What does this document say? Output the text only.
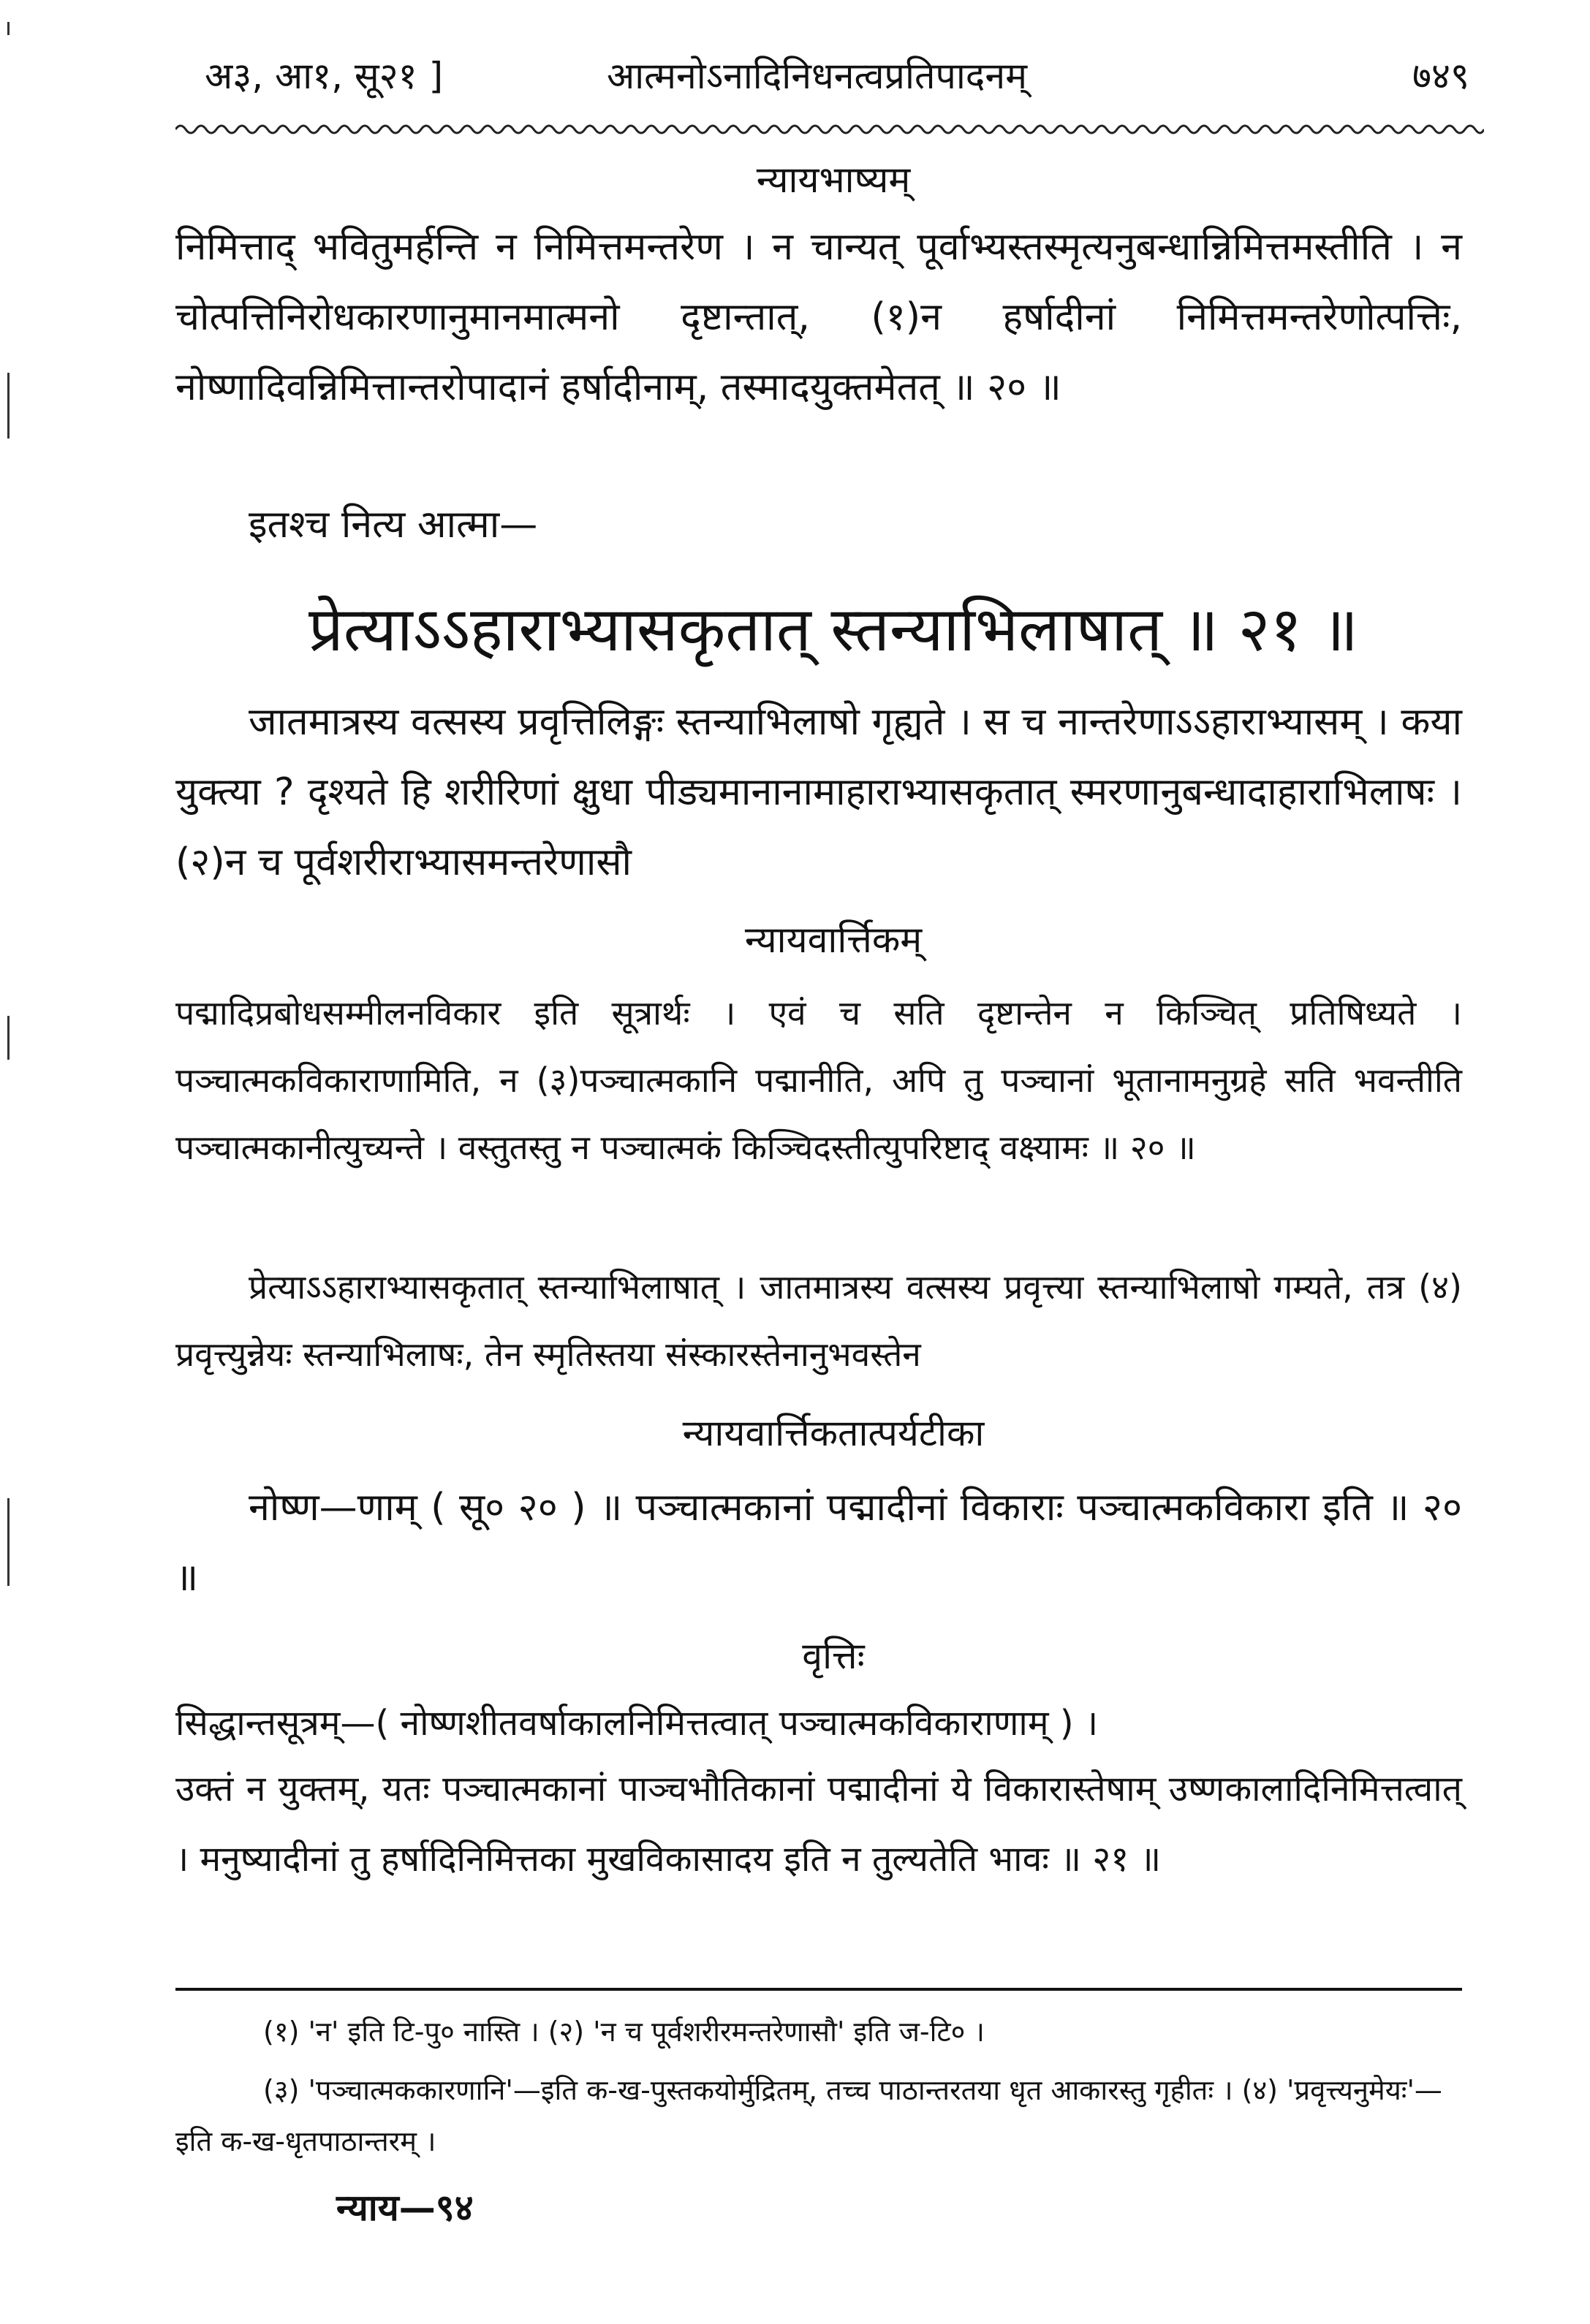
अ३, आ१, सू२१ ]	आत्मनोऽनादिनिधनत्वप्रतिपादनम्	७४९
न्यायभाष्यम्
निमित्ताद् भवितुमर्हन्ति न निमित्तमन्तरेण । न चान्यत् पूर्वाभ्यस्तस्मृत्यनुबन्धान्निमित्तमस्तीति । न चोत्पत्तिनिरोधकारणानुमानमात्मनो दृष्टान्तात्, (१)न हर्षादीनां निमित्तमन्तरेणोत्पत्तिः, नोष्णादिवन्निमित्तान्तरोपादानं हर्षादीनाम्, तस्मादयुक्तमेतत् ॥ २० ॥
इतश्च नित्य आत्मा—
प्रेत्याऽऽहाराभ्यासकृतात् स्तन्याभिलाषात् ॥ २१ ॥
जातमात्रस्य वत्सस्य प्रवृत्तिलिङ्गः स्तन्याभिलाषो गृह्यते । स च नान्तरेणाऽऽहाराभ्यासम् । कया युक्त्या ? दृश्यते हि शरीरिणां क्षुधा पीड्यमानानामाहाराभ्यासकृतात् स्मरणानुबन्धादाहाराभिलाषः । (२)न च पूर्वशरीराभ्यासमन्तरेणासौ
न्यायवार्त्तिकम्
पद्मादिप्रबोधसम्मीलनविकार इति सूत्रार्थः । एवं च सति दृष्टान्तेन न किञ्चित् प्रतिषिध्यते । पञ्चात्मकविकाराणामिति, न (३)पञ्चात्मकानि पद्मानीति, अपि तु पञ्चानां भूतानामनुग्रहे सति भवन्तीति पञ्चात्मकानीत्युच्यन्ते । वस्तुतस्तु न पञ्चात्मकं किञ्चिदस्तीत्युपरिष्टाद् वक्ष्यामः ॥ २० ॥
प्रेत्याऽऽहाराभ्यासकृतात् स्तन्याभिलाषात् । जातमात्रस्य वत्सस्य प्रवृत्त्या स्तन्याभिलाषो गम्यते, तत्र (४) प्रवृत्त्युन्नेयः स्तन्याभिलाषः, तेन स्मृतिस्तया संस्कारस्तेनानुभवस्तेन
न्यायवार्त्तिकतात्पर्यटीका
नोष्ण—णाम् ( सू० २० ) ॥ पञ्चात्मकानां पद्मादीनां विकाराः पञ्चात्मकविकारा इति ॥ २० ॥
वृत्तिः
सिद्धान्तसूत्रम्—( नोष्णशीतवर्षाकालनिमित्तत्वात् पञ्चात्मकविकाराणाम् ) ।
उक्तं न युक्तम्, यतः पञ्चात्मकानां पाञ्चभौतिकानां पद्मादीनां ये विकारास्तेषाम् उष्णकालादिनिमित्तत्वात् । मनुष्यादीनां तु हर्षादिनिमित्तका मुखविकासादय इति न तुल्यतेति भावः ॥ २१ ॥
(१) 'न' इति टि-पु० नास्ति । (२) 'न च पूर्वशरीरमन्तरेणासौ' इति ज-टि० ।
(३) 'पञ्चात्मककारणानि'—इति क-ख-पुस्तकयोर्मुद्रितम्, तच्च पाठान्तरतया धृत आकारस्तु गृहीतः । (४) 'प्रवृत्त्यनुमेयः'—इति क-ख-धृतपाठान्तरम् ।
न्याय—९४
